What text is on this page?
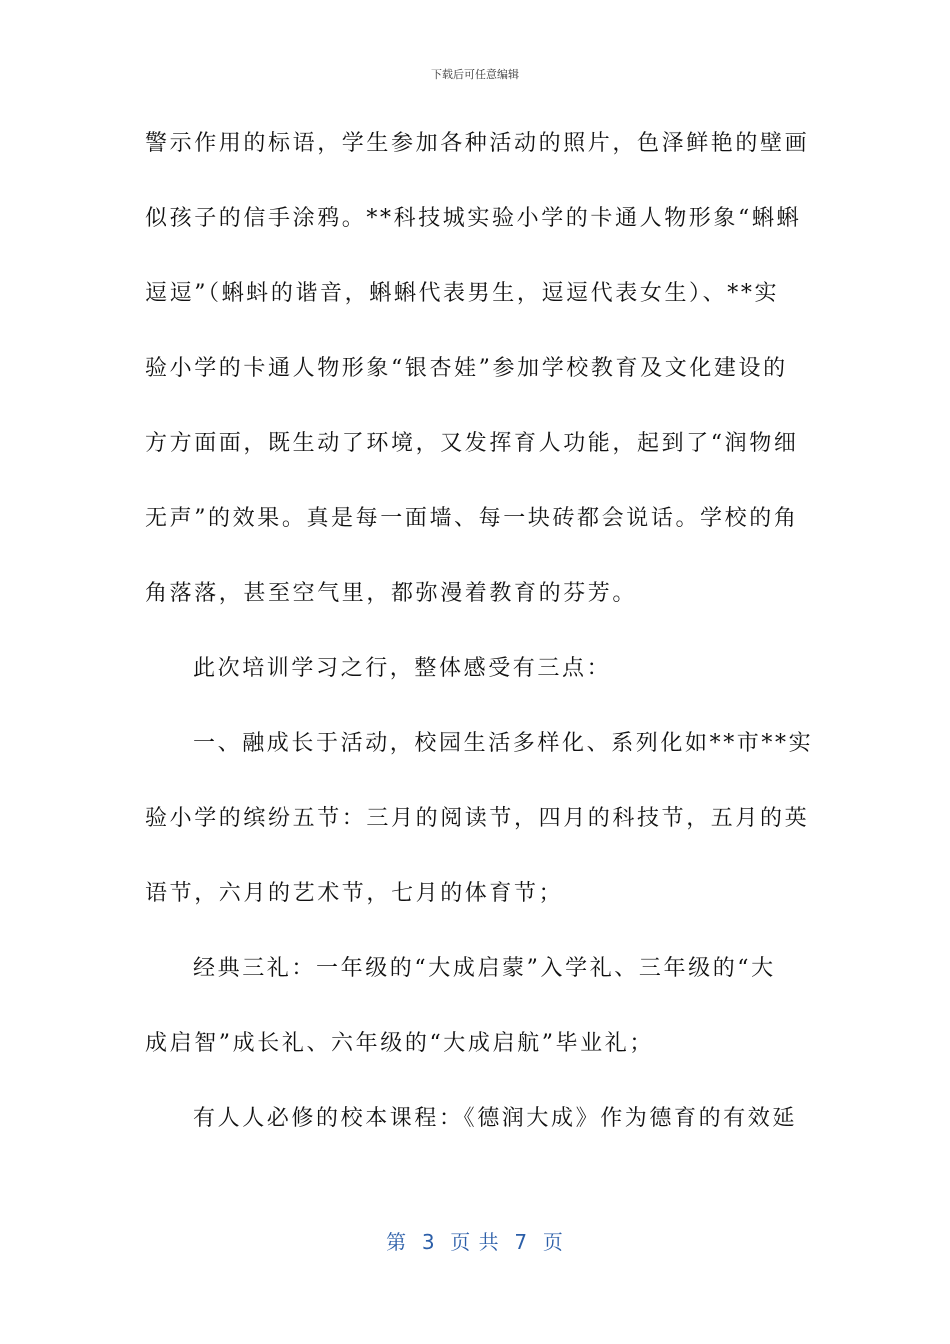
下载后可任意编辑
警示作用的标语，学生参加各种活动的照片，色泽鲜艳的壁画
似孩子的信手涂鸦。**科技城实验小学的卡通人物形象“蝌蝌
逗逗”（蝌蚪的谐音，蝌蝌代表男生，逗逗代表女生）、**实
验小学的卡通人物形象“银杏娃”参加学校教育及文化建设的
方方面面，既生动了环境，又发挥育人功能，起到了“润物细
无声”的效果。真是每一面墙、每一块砖都会说话。学校的角
角落落，甚至空气里，都弥漫着教育的芬芳。
此次培训学习之行，整体感受有三点：
一、融成长于活动，校园生活多样化、系列化如**市**实
验小学的缤纷五节：三月的阅读节，四月的科技节，五月的英
语节，六月的艺术节，七月的体育节；
经典三礼：一年级的“大成启蒙”入学礼、三年级的“大
成启智”成长礼、六年级的“大成启航”毕业礼；
有人人必修的校本课程：《德润大成》作为德育的有效延
第  3  页 共  7  页
